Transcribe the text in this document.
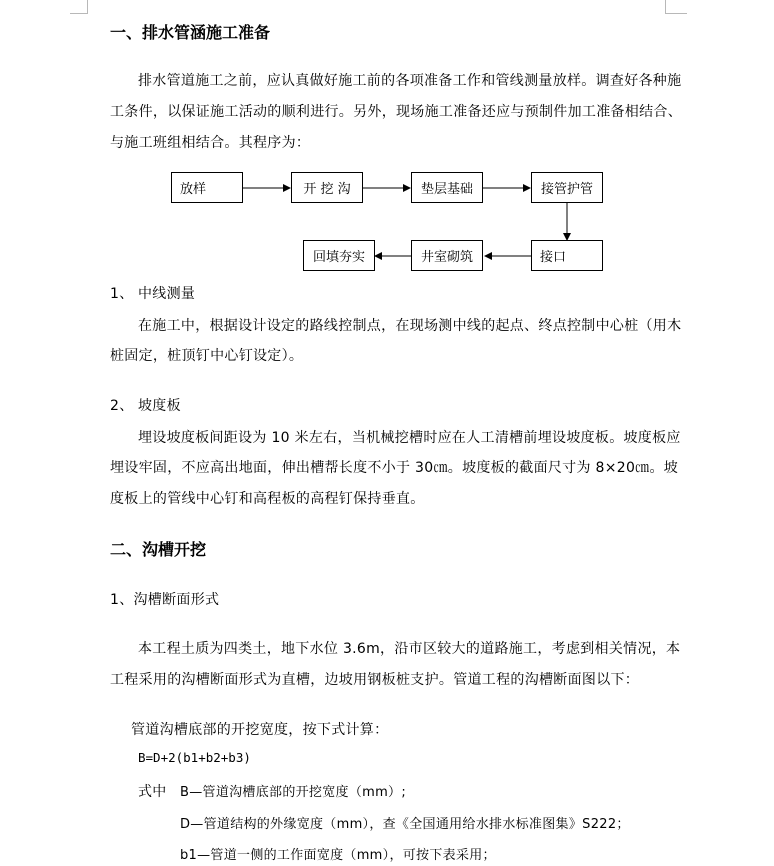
一、排水管涵施工准备
排水管道施工之前，应认真做好施工前的各项准备工作和管线测量放样。调查好各种施
工条件，以保证施工活动的顺利进行。另外，现场施工准备还应与预制件加工准备相结合、
与施工班组相结合。其程序为：
放样	开 挖 沟	垫层基础	接管护管
回填夯实	井室砌筑	接口
1、 中线测量
在施工中，根据设计设定的路线控制点，在现场测中线的起点、终点控制中心桩（用木
桩固定，桩顶钉中心钉设定）。
2、 坡度板
埋设坡度板间距设为 10 米左右，当机械挖槽时应在人工清槽前埋设坡度板。坡度板应
埋设牢固，不应高出地面，伸出槽帮长度不小于 30㎝。坡度板的截面尺寸为 8×20㎝。坡
度板上的管线中心钉和高程板的高程钉保持垂直。
二、沟槽开挖
1、沟槽断面形式
本工程土质为四类土，地下水位 3.6m，沿市区较大的道路施工，考虑到相关情况，本
工程采用的沟槽断面形式为直槽，边坡用钢板桩支护。管道工程的沟槽断面图以下：
管道沟槽底部的开挖宽度，按下式计算：
B=D+2(b1+b2+b3)
式中 B—管道沟槽底部的开挖宽度（mm）;
D—管道结构的外缘宽度（mm），查《全国通用给水排水标准图集》S222；
b1—管道一侧的工作面宽度（mm），可按下表采用；
